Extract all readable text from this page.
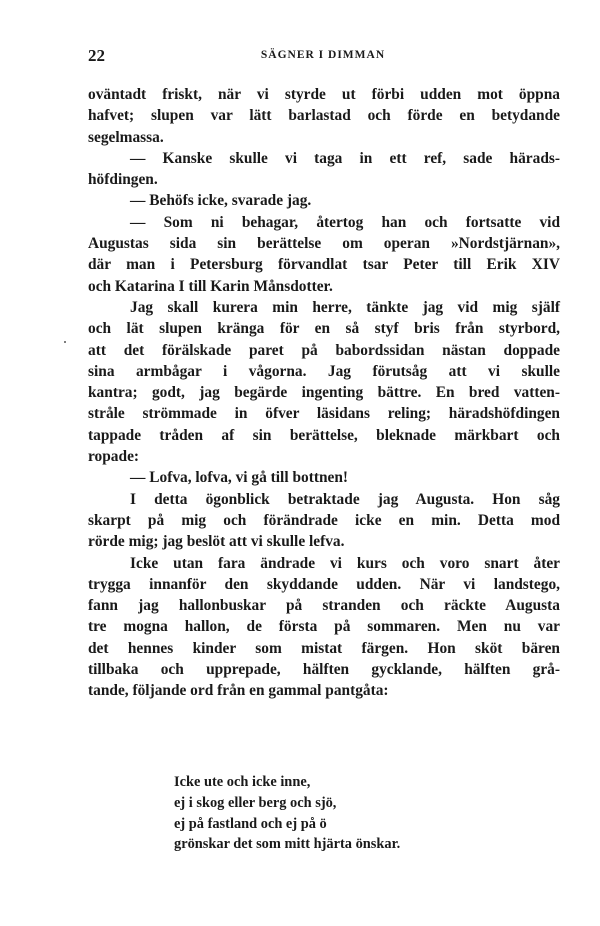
22	SÄGNER I DIMMAN
oväntadt friskt, när vi styrde ut förbi udden mot öppna
hafvet; slupen var lätt barlastad och förde en betydande
segelmassa.
— Kanske skulle vi taga in ett ref, sade härads-
höfdingen.
— Behöfs icke, svarade jag.
— Som ni behagar, återtog han och fortsatte vid
Augustas sida sin berättelse om operan »Nordstjärnan»,
där man i Petersburg förvandlat tsar Peter till Erik XIV
och Katarina I till Karin Månsdotter.
Jag skall kurera min herre, tänkte jag vid mig själf
och lät slupen kränga för en så styf bris från styrbord,
att det förälskade paret på babordssidan nästan doppade
sina armbågar i vågorna. Jag förutsåg att vi skulle
kantra; godt, jag begärde ingenting bättre. En bred vatten-
stråle strömmade in öfver läsidans reling; häradshöfdingen
tappade tråden af sin berättelse, bleknade märkbart och
ropade:
— Lofva, lofva, vi gå till bottnen!
I detta ögonblick betraktade jag Augusta. Hon såg
skarpt på mig och förändrade icke en min. Detta mod
rörde mig; jag beslöt att vi skulle lefva.
Icke utan fara ändrade vi kurs och voro snart åter
trygga innanför den skyddande udden. När vi landstego,
fann jag hallonbuskar på stranden och räckte Augusta
tre mogna hallon, de första på sommaren. Men nu var
det hennes kinder som mistat färgen. Hon sköt bären
tillbaka och upprepade, hälften gycklande, hälften grå-
tande, följande ord från en gammal pantgåta:
Icke ute och icke inne,
ej i skog eller berg och sjö,
ej på fastland och ej på ö
grönskar det som mitt hjärta önskar.
